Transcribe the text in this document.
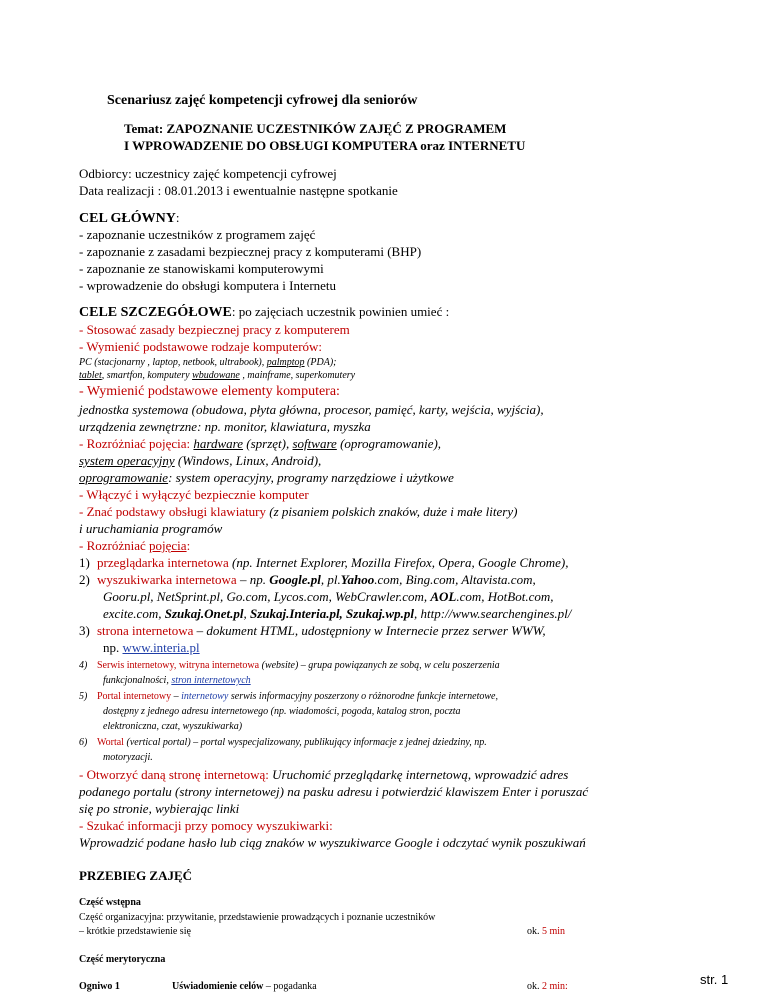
Scenariusz zajęć kompetencji cyfrowej dla seniorów
Temat: ZAPOZNANIE UCZESTNIKÓW ZAJĘĆ Z PROGRAMEM
I WPROWADZENIE DO OBSŁUGI KOMPUTERA oraz INTERNETU
Odbiorcy: uczestnicy zajęć kompetencji cyfrowej
Data realizacji : 08.01.2013 i ewentualnie następne spotkanie
CEL GŁÓWNY:
- zapoznanie uczestników z programem zajęć
- zapoznanie z zasadami bezpiecznej pracy z komputerami (BHP)
- zapoznanie ze stanowiskami komputerowymi
- wprowadzenie do obsługi komputera i Internetu
CELE SZCZEGÓŁOWE: po zajęciach uczestnik powinien umieć :
- Stosować zasady bezpiecznej pracy z komputerem
- Wymienić podstawowe rodzaje komputerów:
PC (stacjonarny , laptop, netbook, ultrabook), palmptop (PDA);
tablet, smartfon, komputery wbudowane , mainframe, superkomutery
- Wymienić podstawowe elementy komputera:
jednostka systemowa (obudowa, płyta główna, procesor, pamięć, karty, wejścia, wyjścia),
urządzenia zewnętrzne: np. monitor, klawiatura, myszka
- Rozróżniać pojęcia: hardware (sprzęt), software (oprogramowanie),
system operacyjny (Windows, Linux, Android),
oprogramowanie: system operacyjny, programy narzędziowe i użytkowe
- Włączyć i wyłączyć bezpiecznie komputer
- Znać podstawy obsługi klawiatury (z pisaniem polskich znaków, duże i małe litery)
i uruchamiania programów
- Rozróżniać pojęcia:
1) przeglądarka internetowa (np. Internet Explorer, Mozilla Firefox, Opera, Google Chrome),
2) wyszukiwarka internetowa – np. Google.pl, pl.Yahoo.com, Bing.com, Altavista.com,
Gooru.pl, NetSprint.pl, Go.com, Lycos.com, WebCrawler.com, AOL.com, HotBot.com,
excite.com, Szukaj.Onet.pl, Szukaj.Interia.pl, Szukaj.wp.pl, http://www.searchengines.pl/
3) strona internetowa – dokument HTML, udostępniony w Internecie przez serwer WWW,
np. www.interia.pl
4) Serwis internetowy, witryna internetowa (website) – grupa powiązanych ze sobą, w celu poszerzenia
funkcjonalności, stron internetowych
5) Portal internetowy – internetowy serwis informacyjny poszerzony o różnorodne funkcje internetowe,
dostępny z jednego adresu internetowego (np. wiadomości, pogoda, katalog stron, poczta
elektroniczna, czat, wyszukiwarka)
6) Wortal (vertical portal) – portal wyspecjalizowany, publikujący informacje z jednej dziedziny, np.
motoryzacji.
- Otworzyć daną stronę internetową: Uruchomić przeglądarkę internetową, wprowadzić adres
podanego portalu (strony internetowej) na pasku adresu i potwierdzić klawiszem Enter i poruszać
się po stronie, wybierając linki
- Szukać informacji przy pomocy wyszukiwarki:
Wprowadzić podane hasło lub ciąg znaków w wyszukiwarce Google i odczytać wynik poszukiwań
PRZEBIEG ZAJĘĆ
Część wstępna
Część organizacyjna: przywitanie, przedstawienie prowadzących i poznanie uczestników
– krótkie przedstawienie się	ok. 5 min
Część merytoryczna
Ogniwo 1	Uświadomienie celów – pogadanka	ok. 2 min:	str. 1
